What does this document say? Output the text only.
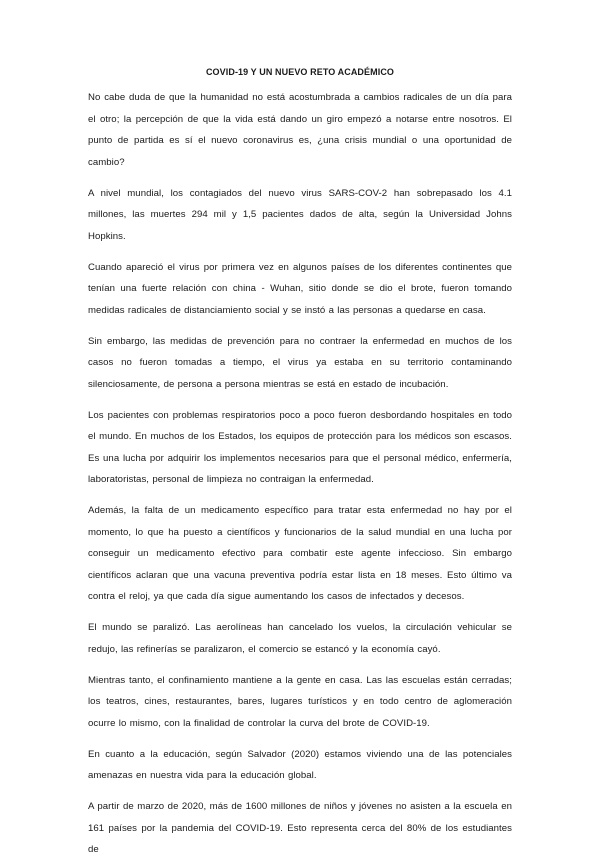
COVID-19 Y UN NUEVO RETO ACADÉMICO

No cabe duda de que la humanidad no está acostumbrada a cambios radicales de un día para el otro; la percepción de que la vida está dando un giro empezó a notarse entre nosotros. El punto de partida es sí el nuevo coronavirus es, ¿una crisis mundial o una oportunidad de cambio?

A nivel mundial, los contagiados del nuevo virus SARS-COV-2 han sobrepasado los 4.1 millones, las muertes 294 mil y 1,5 pacientes dados de alta, según la Universidad Johns Hopkins.

Cuando apareció el virus por primera vez en algunos países de los diferentes continentes que tenían una fuerte relación con china - Wuhan, sitio donde se dio el brote, fueron tomando medidas radicales de distanciamiento social y se instó a las personas a quedarse en casa.

Sin embargo, las medidas de prevención para no contraer la enfermedad en muchos de los casos no fueron tomadas a tiempo, el virus ya estaba en su territorio contaminando silenciosamente, de persona a persona mientras se está en estado de incubación.

Los pacientes con problemas respiratorios poco a poco fueron desbordando hospitales en todo el mundo. En muchos de los Estados, los equipos de protección para los médicos son escasos. Es una lucha por adquirir los implementos necesarios para que el personal médico, enfermería, laboratoristas, personal de limpieza no contraigan la enfermedad.

Además, la falta de un medicamento específico para tratar esta enfermedad no hay por el momento, lo que ha puesto a científicos y funcionarios de la salud mundial en una lucha por conseguir un medicamento efectivo para combatir este agente infeccioso. Sin embargo científicos aclaran que una vacuna preventiva podría estar lista en 18 meses. Esto último va contra el reloj, ya que cada día sigue aumentando los casos de infectados y decesos.

El mundo se paralizó. Las aerolíneas han cancelado los vuelos, la circulación vehicular se redujo, las refinerías se paralizaron, el comercio se estancó y la economía cayó.

Mientras tanto, el confinamiento mantiene a la gente en casa. Las las escuelas están cerradas; los teatros, cines, restaurantes, bares, lugares turísticos y en todo centro de aglomeración ocurre lo mismo, con la finalidad de controlar la curva del brote de COVID-19.

En cuanto a la educación, según Salvador (2020) estamos viviendo una de las potenciales amenazas en nuestra vida para la educación global.

A partir de marzo de 2020, más de 1600 millones de niños y jóvenes no asisten a la escuela en 161 países por la pandemia del COVID-19. Esto representa cerca del 80% de los estudiantes de
